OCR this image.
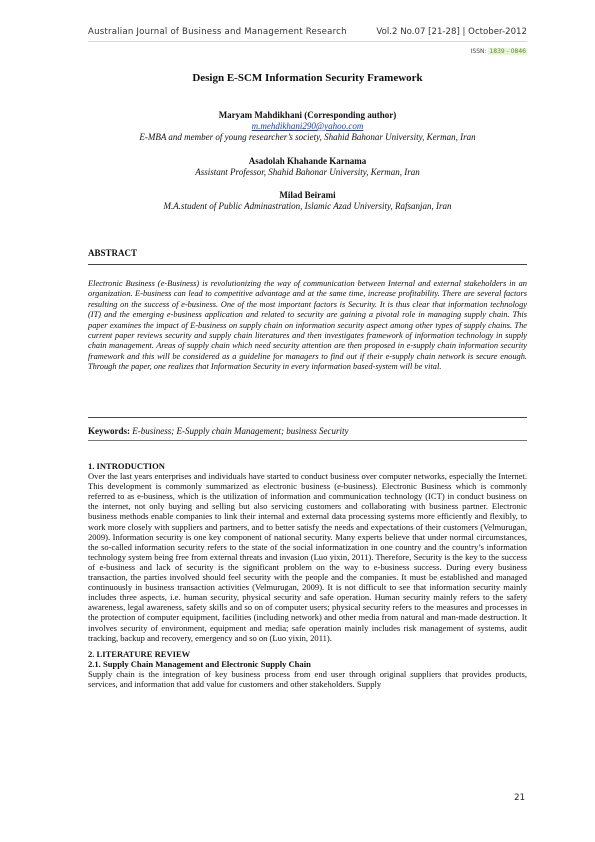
Australian Journal of Business and Management Research	Vol.2 No.07 [21-28] | October-2012
ISSN: 1839 - 0846
Design E-SCM Information Security Framework
Maryam Mahdikhani (Corresponding author)
m.mehdikhani290@yahoo.com
E-MBA and member of young researcher’s society, Shahid Bahonar University, Kerman, Iran
Asadolah Khahande Karnama
Assistant Professor, Shahid Bahonar University, Kerman, Iran
Milad Beirami
M.A.student of Public Adminastration, Islamic Azad University, Rafsanjan, Iran
ABSTRACT
Electronic Business (e-Business) is revolutionizing the way of communication between Internal and external stakeholders in an organization. E-business can lead to competitive advantage and at the same time, increase profitability. There are several factors resulting on the success of e-business. One of the most important factors is Security. It is thus clear that information technology (IT) and the emerging e-business application and related to security are gaining a pivotal role in managing supply chain. This paper examines the impact of E-business on supply chain on information security aspect among other types of supply chains. The current paper reviews security and supply chain literatures and then investigates framework of information technology in supply chain management. Areas of supply chain which need security attention are then proposed in e-supply chain information security framework and this will be considered as a guideline for managers to find out if their e-supply chain network is secure enough. Through the paper, one realizes that Information Security in every information based-system will be vital.
Keywords: E-business; E-Supply chain Management; business Security

1. INTRODUCTION

Over the last years enterprises and individuals have started to conduct business over computer networks, especially the Internet. This development is commonly summarized as electronic business (e-business). Electronic Business which is commonly referred to as e-business, which is the utilization of information and communication technology (ICT) in conduct business on the internet, not only buying and selling but also servicing customers and collaborating with business partner. Electronic business methods enable companies to link their internal and external data processing systems more efficiently and flexibly, to work more closely with suppliers and partners, and to better satisfy the needs and expectations of their customers (Velmurugan, 2009). Information security is one key component of national security. Many experts believe that under normal circumstances, the so-called information security refers to the state of the social informatization in one country and the country’s information technology system being free from external threats and invasion (Luo yixin, 2011). Therefore, Security is the key to the success of e-business and lack of security is the significant problem on the way to e-business success. During every business transaction, the parties involved should feel security with the people and the companies. It must be established and managed continuously in business transaction activities (Velmurugan, 2009). It is not difficult to see that information security mainly includes three aspects, i.e. human security, physical security and safe operation. Human security mainly refers to the safety awareness, legal awareness, safety skills and so on of computer users; physical security refers to the measures and processes in the protection of computer equipment, facilities (including network) and other media from natural and man-made destruction. It involves security of environment, equipment and media; safe operation mainly includes risk management of systems, audit tracking, backup and recovery, emergency and so on (Luo yixin, 2011).

2. LITERATURE REVIEW

2.1. Supply Chain Management and Electronic Supply Chain

Supply chain is the integration of key business process from end user through original suppliers that provides products, services, and information that add value for customers and other stakeholders. Supply

21
